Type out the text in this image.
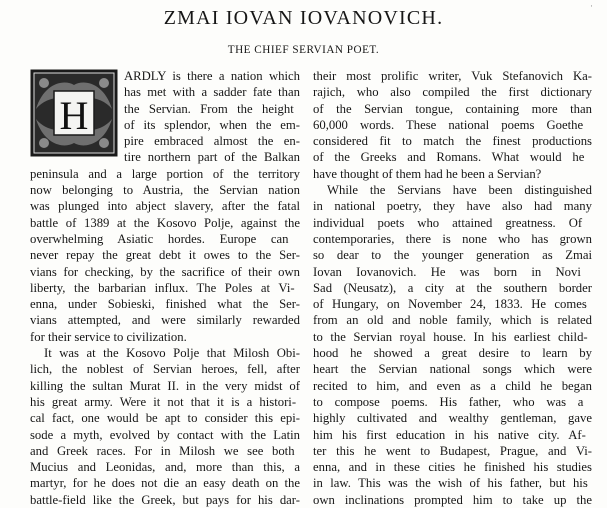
ZMAI IOVAN IOVANOVICH.
THE CHIEF SERVIAN POET.
·
H
ARDLY is there a nation which
has met with a sadder fate than
the Servian. From the height
of its splendor, when the em-
pire embraced almost the en-
tire northern part of the Balkan
peninsula and a large portion of the territory
now belonging to Austria, the Servian nation
was plunged into abject slavery, after the fatal
battle of 1389 at the Kosovo Polje, against the
overwhelming Asiatic hordes. Europe can
never repay the great debt it owes to the Ser-
vians for checking, by the sacrifice of their own
liberty, the barbarian influx. The Poles at Vi-
enna, under Sobieski, finished what the Ser-
vians attempted, and were similarly rewarded
for their service to civilization.
It was at the Kosovo Polje that Milosh Obi-
lich, the noblest of Servian heroes, fell, after
killing the sultan Murat II. in the very midst of
his great army. Were it not that it is a histori-
cal fact, one would be apt to consider this epi-
sode a myth, evolved by contact with the Latin
and Greek races. For in Milosh we see both
Mucius and Leonidas, and, more than this, a
martyr, for he does not die an easy death on the
battle-field like the Greek, but pays for his dar-
their most prolific writer, Vuk Stefanovich Ka-
rajich, who also compiled the first dictionary
of the Servian tongue, containing more than
60,000 words. These national poems Goethe
considered fit to match the finest productions
of the Greeks and Romans. What would he
have thought of them had he been a Servian?
While the Servians have been distinguished
in national poetry, they have also had many
individual poets who attained greatness. Of
contemporaries, there is none who has grown
so dear to the younger generation as Zmai
Iovan Iovanovich. He was born in Novi
Sad (Neusatz), a city at the southern border
of Hungary, on November 24, 1833. He comes
from an old and noble family, which is related
to the Servian royal house. In his earliest child-
hood he showed a great desire to learn by
heart the Servian national songs which were
recited to him, and even as a child he began
to compose poems. His father, who was a
highly cultivated and wealthy gentleman, gave
him his first education in his native city. Af-
ter this he went to Budapest, Prague, and Vi-
enna, and in these cities he finished his studies
in law. This was the wish of his father, but his
own inclinations prompted him to take up the
